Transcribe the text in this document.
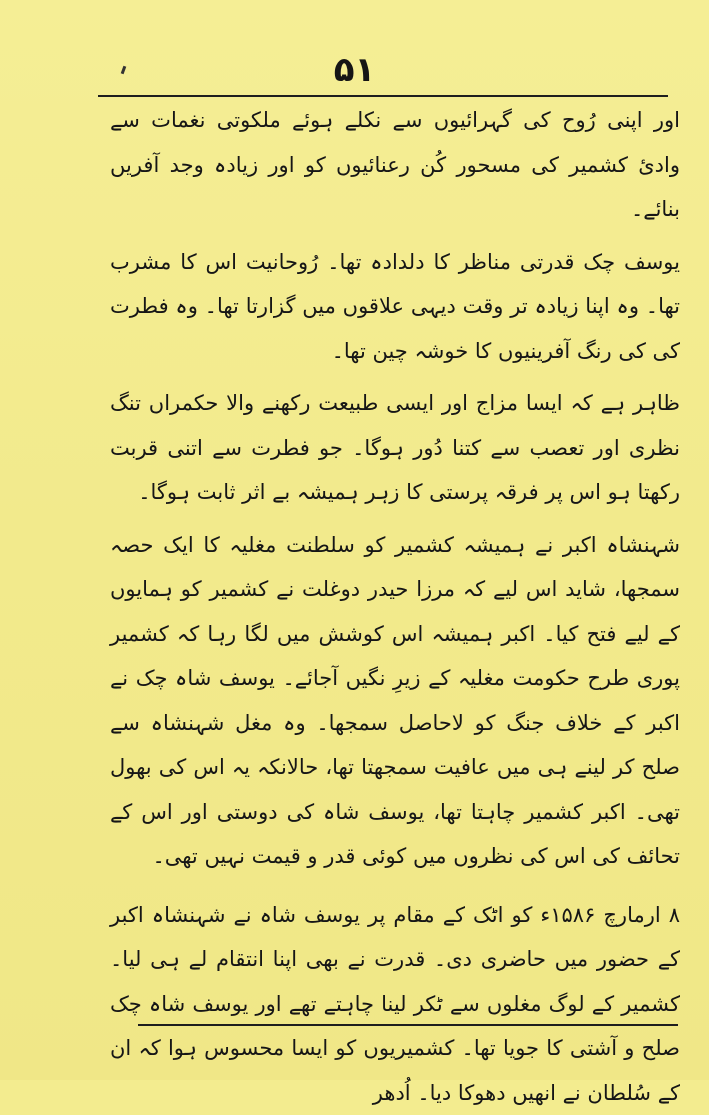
۵۱

اور اپنی رُوح کی گہرائیوں سے نکلے ہوئے ملکوتی نغمات سے وادیٔ کشمیر کی مسحور کُن رعنائیوں کو اور زیادہ وجد آفریں بنائے۔

یوسف چک قدرتی مناظر کا دلدادہ تھا۔ رُوحانیت اس کا مشرب تھا۔ وہ اپنا زیادہ تر وقت دیہی علاقوں میں گزارتا تھا۔ وہ فطرت کی کی رنگ آفرینیوں کا خوشہ چین تھا۔

ظاہر ہے کہ ایسا مزاج اور ایسی طبیعت رکھنے والا حکمراں تنگ نظری اور تعصب سے کتنا دُور ہوگا۔ جو فطرت سے اتنی قربت رکھتا ہو اس پر فرقہ پرستی کا زہر ہمیشہ بے اثر ثابت ہوگا۔

شہنشاہ اکبر نے ہمیشہ کشمیر کو سلطنت مغلیہ کا ایک حصہ سمجھا، شاید اس لیے کہ مرزا حیدر دوغلت نے کشمیر کو ہمایوں کے لیے فتح کیا۔ اکبر ہمیشہ اس کوشش میں لگا رہا کہ کشمیر پوری طرح حکومت مغلیہ کے زیرِ نگیں آجائے۔ یوسف شاہ چک نے اکبر کے خلاف جنگ کو لاحاصل سمجھا۔ وہ مغل شہنشاہ سے صلح کر لینے ہی میں عافیت سمجھتا تھا، حالانکہ یہ اس کی بھول تھی۔ اکبر کشمیر چاہتا تھا، یوسف شاہ کی دوستی اور اس کے تحائف کی اس کی نظروں میں کوئی قدر و قیمت نہیں تھی۔

۸ ارمارچ ۱۵۸۶ء کو اٹک کے مقام پر یوسف شاہ نے شہنشاہ اکبر کے حضور میں حاضری دی۔ قدرت نے بھی اپنا انتقام لے ہی لیا۔ کشمیر کے لوگ مغلوں سے ٹکر لینا چاہتے تھے اور یوسف شاہ چک صلح و آشتی کا جویا تھا۔ کشمیریوں کو ایسا محسوس ہوا کہ ان کے سُلطان نے انھیں دھوکا دیا۔ اُدھر
